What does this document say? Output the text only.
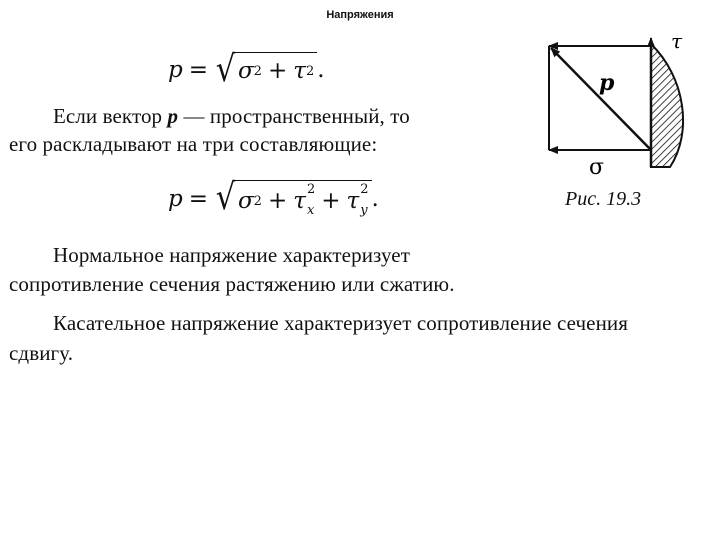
Напряжения
p = √ σ 2 + τ 2 .
Если вектор p — пространственный, то
его раскладывают на три составляющие:
p = √ σ 2 + τ 2
x + τ 2
y .
Нормальное напряжение характеризует
сопротивление сечения растяжению или сжатию.
Касательное напряжение характеризует сопротивление сечения
сдвигу.
τ
p
σ
Рис. 19.3
